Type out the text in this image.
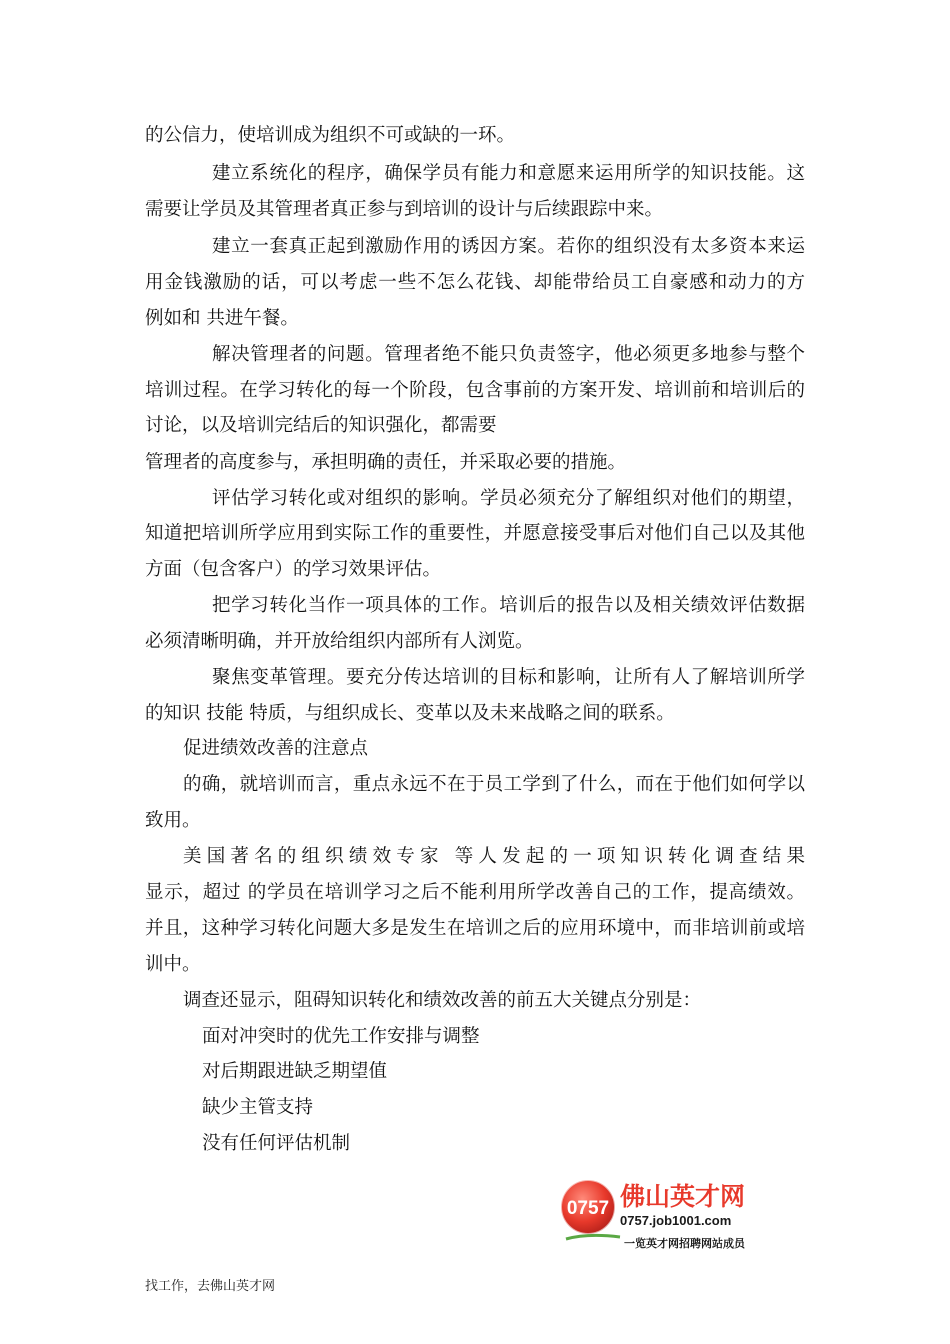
的公信力，使培训成为组织不可或缺的一环。
建立系统化的程序，确保学员有能力和意愿来运用所学的知识技能。这
需要让学员及其管理者真正参与到培训的设计与后续跟踪中来。
建立一套真正起到激励作用的诱因方案。若你的组织没有太多资本来运
用金钱激励的话，可以考虑一些不怎么花钱、却能带给员工自豪感和动力的方
例如和 共进午餐。
解决管理者的问题。管理者绝不能只负责签字，他必须更多地参与整个
培训过程。在学习转化的每一个阶段，包含事前的方案开发、培训前和培训后的
讨论，以及培训完结后的知识强化，都需要
管理者的高度参与，承担明确的责任，并采取必要的措施。
评估学习转化或对组织的影响。学员必须充分了解组织对他们的期望，
知道把培训所学应用到实际工作的重要性，并愿意接受事后对他们自己以及其他
方面（包含客户）的学习效果评估。
把学习转化当作一项具体的工作。培训后的报告以及相关绩效评估数据
必须清晰明确，并开放给组织内部所有人浏览。
聚焦变革管理。要充分传达培训的目标和影响，让所有人了解培训所学
的知识 技能 特质，与组织成长、变革以及未来战略之间的联系。
促进绩效改善的注意点
的确，就培训而言，重点永远不在于员工学到了什么，而在于他们如何学以
致用。
美国著名的组织绩效专家 等人发起的一项知识转化调查结果
显示，超过 的学员在培训学习之后不能利用所学改善自己的工作，提高绩效。
并且，这种学习转化问题大多是发生在培训之后的应用环境中，而非培训前或培
训中。
调查还显示，阻碍知识转化和绩效改善的前五大关键点分别是：
面对冲突时的优先工作安排与调整
对后期跟进缺乏期望值
缺少主管支持
没有任何评估机制
0757 佛山英才网
0757.job1001.com
一览英才网招聘网站成员
找工作，去佛山英才网
